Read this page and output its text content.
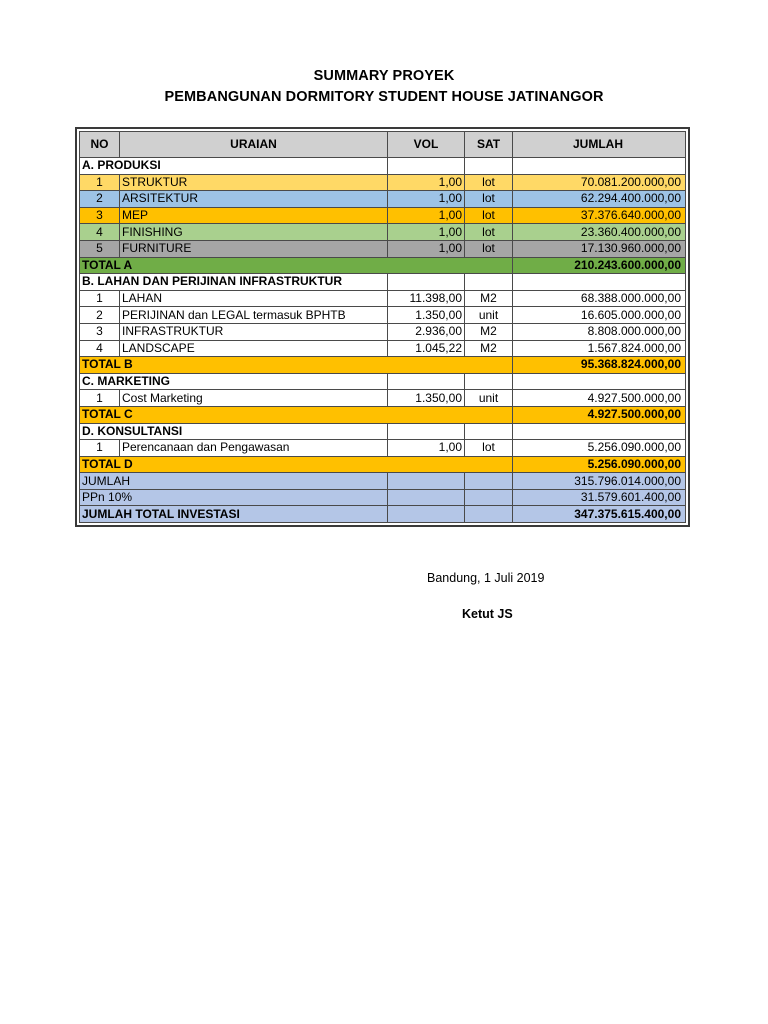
SUMMARY PROYEK
PEMBANGUNAN DORMITORY STUDENT HOUSE JATINANGOR
NO	URAIAN	VOL	SAT	JUMLAH
A. PRODUKSI				
1	STRUKTUR	1,00	lot	70.081.200.000,00
2	ARSITEKTUR	1,00	lot	62.294.400.000,00
3	MEP	1,00	lot	37.376.640.000,00
4	FINISHING	1,00	lot	23.360.400.000,00
5	FURNITURE	1,00	lot	17.130.960.000,00
TOTAL A				210.243.600.000,00
B. LAHAN DAN PERIJINAN INFRASTRUKTUR				
1	LAHAN	11.398,00	M2	68.388.000.000,00
2	PERIJINAN dan LEGAL termasuk BPHTB	1.350,00	unit	16.605.000.000,00
3	INFRASTRUKTUR	2.936,00	M2	8.808.000.000,00
4	LANDSCAPE	1.045,22	M2	1.567.824.000,00
TOTAL B				95.368.824.000,00
C. MARKETING				
1	Cost Marketing	1.350,00	unit	4.927.500.000,00
TOTAL C				4.927.500.000,00
D. KONSULTANSI				
1	Perencanaan dan Pengawasan	1,00	lot	5.256.090.000,00
TOTAL D				5.256.090.000,00
JUMLAH				315.796.014.000,00
PPn 10%				31.579.601.400,00
JUMLAH TOTAL INVESTASI				347.375.615.400,00
Bandung, 1 Juli 2019
Ketut JS
